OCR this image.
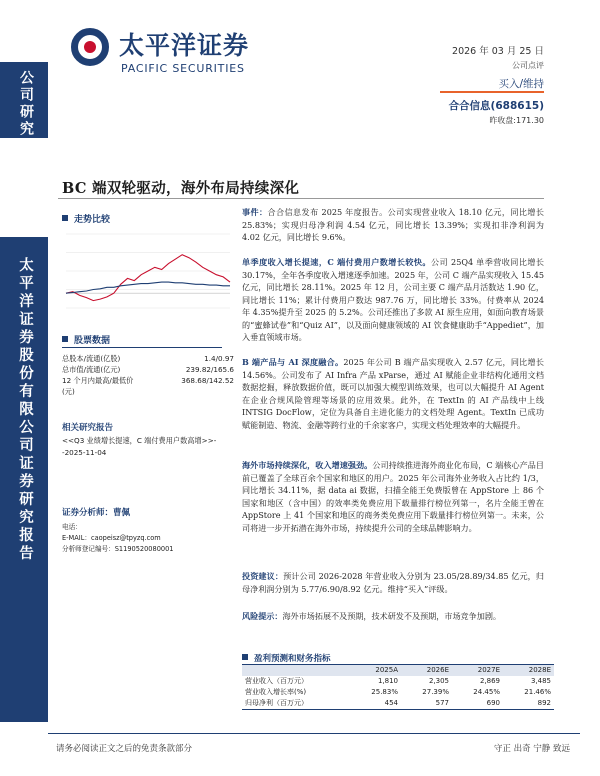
公司研究
太平洋证券股份有限公司证券研究报告
太平洋证券
PACIFIC SECURITIES
2026 年 03 月 25 日
公司点评
买入/维持
合合信息(688615)
昨收盘:171.30
BC 端双轮驱动，海外布局持续深化
走势比较
股票数据
总股本/流通(亿股)	1.4/0.97
总市值/流通(亿元)	239.82/165.6
12 个月内最高/最低价	368.68/142.52
(元)
相关研究报告
<<Q3 业绩增长提速，C 端付费用户数高增>>--2025-11-04
证券分析师：曹佩
电话：
E-MAIL：caopeisz@tpyzq.com
分析师登记编号：S1190520080001

事件：合合信息发布 2025 年度报告。公司实现营业收入 18.10 亿元，同比增长 25.83%；实现归母净利润 4.54 亿元，同比增长 13.39%；实现扣非净利润为 4.02 亿元，同比增长 9.6%。

单季度收入增长提速，C 端付费用户数增长较快。公司 25Q4 单季营收同比增长 30.17%，全年各季度收入增速逐季加速。2025 年，公司 C 端产品实现收入 15.45 亿元，同比增长 28.11%。2025 年 12 月，公司主要 C 端产品月活数达 1.90 亿，同比增长 11%；累计付费用户数达 987.76 万，同比增长 33%。付费率从 2024 年 4.35%提升至 2025 的 5.2%。公司还推出了多款 AI 原生应用，如面向教育场景的“蜜蜂试卷”和“Quiz AI”，以及面向健康领域的 AI 饮食健康助手“Appediet”，加入垂直领域市场。

B 端产品与 AI 深度融合。2025 年公司 B 端产品实现收入 2.57 亿元，同比增长 14.56%。公司发布了 AI Infra 产品 xParse，通过 AI 赋能企业非结构化通用文档数据挖掘，释放数据价值，既可以加强大模型训练效果，也可以大幅提升 AI Agent 在企业合规风险管理等场景的应用效果。此外，在 TextIn 的 AI 产品线中上线 INTSIG DocFlow，定位为具备自主进化能力的文档处理 Agent。TextIn 已成功赋能制造、物流、金融等跨行业的千余家客户，实现文档处理效率的大幅提升。

海外市场持续深化，收入增速强劲。公司持续推进海外商业化布局，C 端核心产品目前已覆盖了全球百余个国家和地区的用户。2025 年公司海外业务收入占比约 1/3，同比增长 34.11%，据 data ai 数据，扫描全能王免费版曾在 AppStore 上 86 个国家和地区（含中国）的效率类免费应用下载量排行榜位列第一，名片全能王曾在 AppStore 上 41 个国家和地区的商务类免费应用下载量排行榜位列第一。未来，公司将进一步开拓潜在海外市场，持续提升公司的全球品牌影响力。

投资建议：预计公司 2026-2028 年营业收入分别为 23.05/28.89/34.85 亿元，归母净利润分别为 5.77/6.90/8.92 亿元。维持“买入”评级。

风险提示：海外市场拓展不及预期，技术研发不及预期，市场竞争加剧。

盈利预测和财务指标
	2025A	2026E	2027E	2028E
营业收入（百万元）	1,810	2,305	2,869	3,485
营业收入增长率(%)	25.83%	27.39%	24.45%	21.46%
归母净利（百万元）	454	577	690	892
请务必阅读正文之后的免责条款部分	守正 出奇 宁静 致远
